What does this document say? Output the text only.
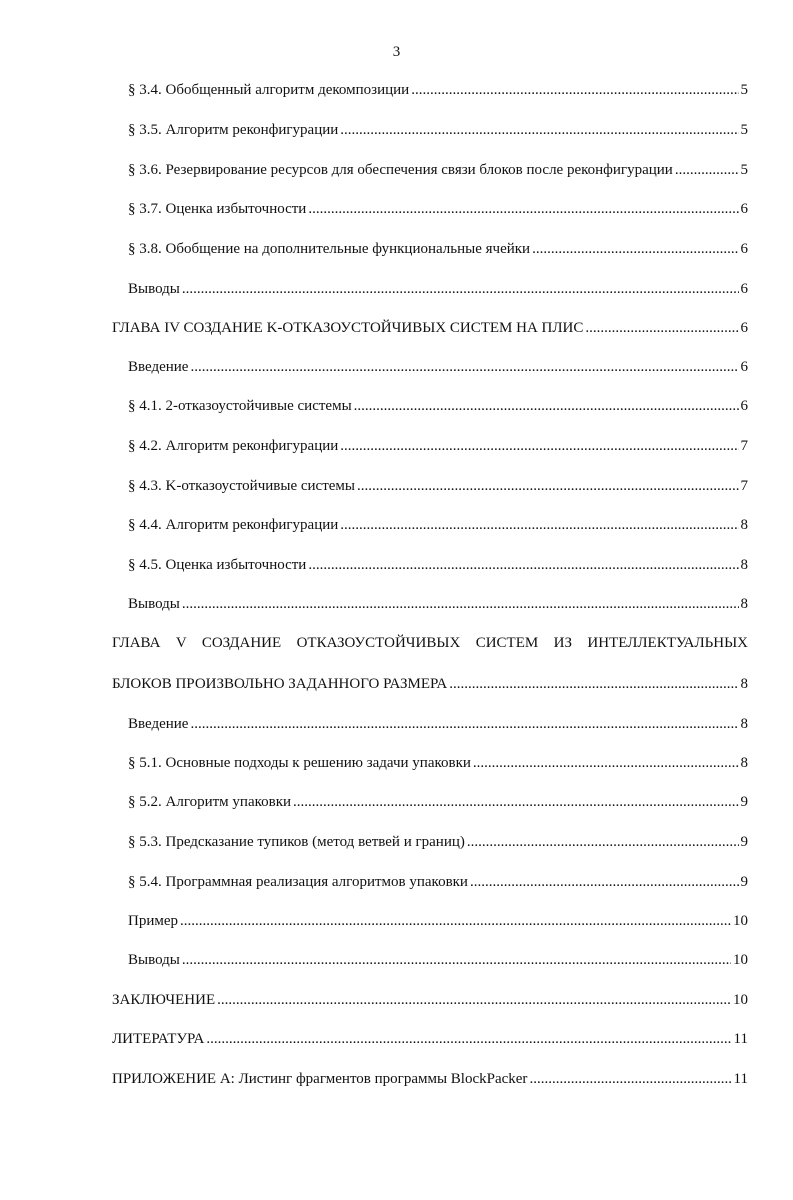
3
§ 3.4. Обобщенный алгоритм декомпозиции .....	5
§ 3.5. Алгоритм реконфигурации .....	5
§ 3.6. Резервирование ресурсов для обеспечения связи блоков после реконфигурации .....	5
§ 3.7. Оценка избыточности .....	6
§ 3.8. Обобщение на дополнительные функциональные ячейки .....	6
Выводы .....	6
ГЛАВА IV СОЗДАНИЕ K-ОТКАЗОУСТОЙЧИВЫХ СИСТЕМ НА ПЛИС .....	6
Введение .....	6
§ 4.1. 2-отказоустойчивые системы .....	6
§ 4.2. Алгоритм реконфигурации .....	7
§ 4.3. K-отказоустойчивые системы .....	7
§ 4.4. Алгоритм реконфигурации .....	8
§ 4.5. Оценка избыточности .....	8
Выводы .....	8
ГЛАВА V СОЗДАНИЕ ОТКАЗОУСТОЙЧИВЫХ СИСТЕМ ИЗ ИНТЕЛЛЕКТУАЛЬНЫХ
БЛОКОВ ПРОИЗВОЛЬНО ЗАДАННОГО РАЗМЕРА .....	8
Введение .....	8
§ 5.1. Основные подходы к решению задачи упаковки .....	8
§ 5.2. Алгоритм упаковки .....	9
§ 5.3. Предсказание тупиков (метод ветвей и границ) .....	9
§ 5.4. Программная реализация алгоритмов упаковки .....	9
Пример .....	10
Выводы .....	10
ЗАКЛЮЧЕНИЕ .....	10
ЛИТЕРАТУРА .....	11
ПРИЛОЖЕНИЕ А: Листинг фрагментов программы BlockPacker .....	11
